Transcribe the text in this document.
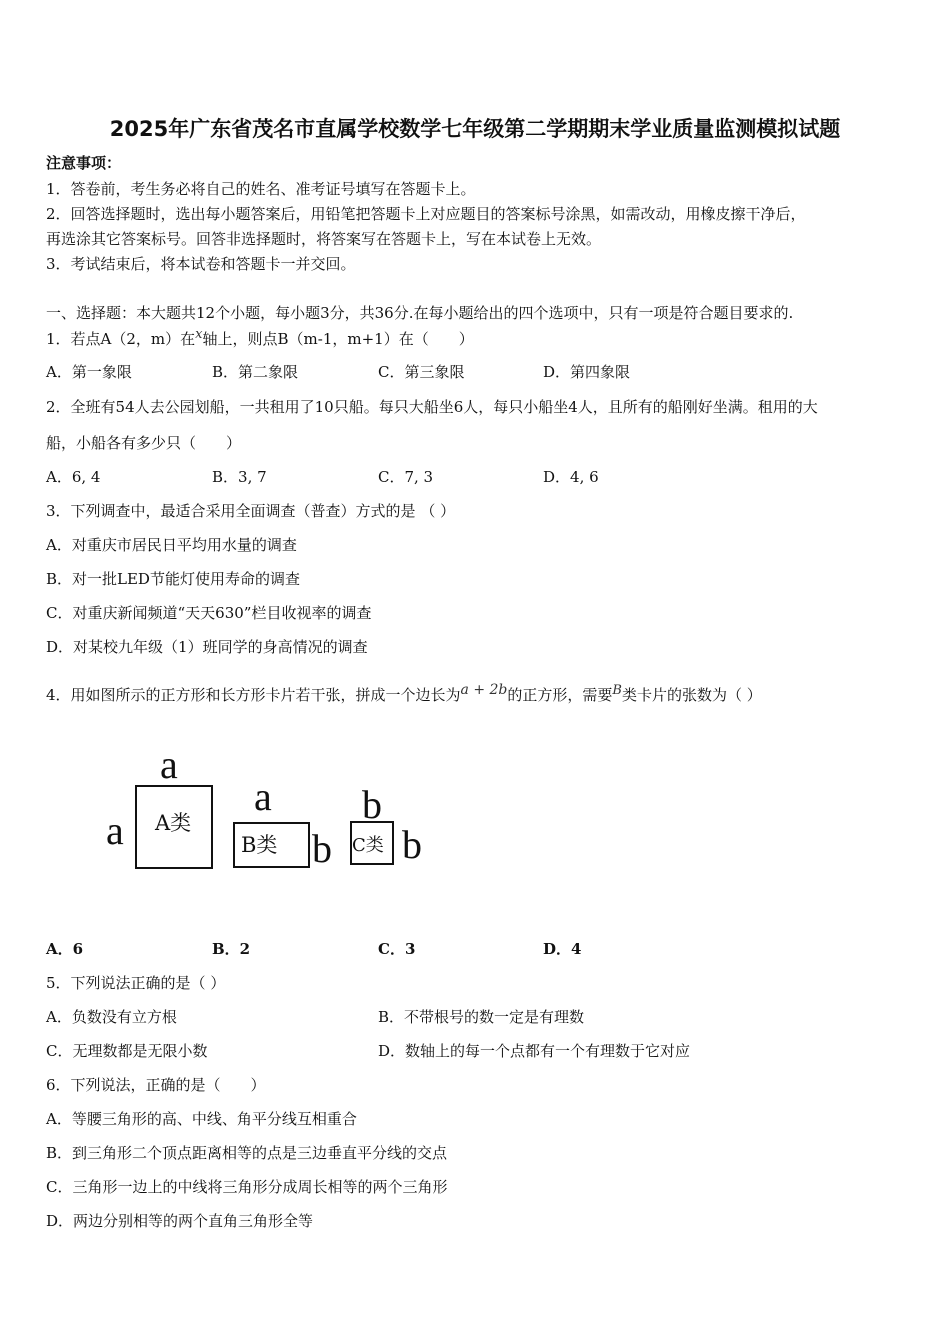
2025年广东省茂名市直属学校数学七年级第二学期期末学业质量监测模拟试题
注意事项：
1．答卷前，考生务必将自己的姓名、准考证号填写在答题卡上。
2．回答选择题时，选出每小题答案后，用铅笔把答题卡上对应题目的答案标号涂黑，如需改动，用橡皮擦干净后，
再选涂其它答案标号。回答非选择题时，将答案写在答题卡上，写在本试卷上无效。
3．考试结束后，将本试卷和答题卡一并交回。
一、选择题：本大题共12个小题，每小题3分，共36分.在每小题给出的四个选项中，只有一项是符合题目要求的.
1．若点A（2，m）在$^x$轴上，则点B（m-1，m+1）在（　　）
A．第一象限	B．第二象限	C．第三象限	D．第四象限
2．全班有54人去公园划船，一共租用了10只船。每只大船坐6人，每只小船坐4人，且所有的船刚好坐满。租用的大
船，小船各有多少只（　　）
A．6, 4	B．3, 7	C．7, 3	D．4, 6
3．下列调查中，最适合采用全面调查（普查）方式的是 （ ）
A．对重庆市居民日平均用水量的调查
B．对一批LED节能灯使用寿命的调查
C．对重庆新闻频道“天天630”栏目收视率的调查
D．对某校九年级（1）班同学的身高情况的调查
4．用如图所示的正方形和长方形卡片若干张，拼成一个边长为$^{a + 2b}$的正方形，需要$^B$类卡片的张数为（ ）
a
a A类
a
B类 b
b
C类 b
A．6	B．2	C．3	D．4
5．下列说法正确的是（ ）
A．负数没有立方根	B．不带根号的数一定是有理数
C．无理数都是无限小数	D．数轴上的每一个点都有一个有理数于它对应
6．下列说法，正确的是（　　）
A．等腰三角形的高、中线、角平分线互相重合
B．到三角形二个顶点距离相等的点是三边垂直平分线的交点
C．三角形一边上的中线将三角形分成周长相等的两个三角形
D．两边分别相等的两个直角三角形全等
